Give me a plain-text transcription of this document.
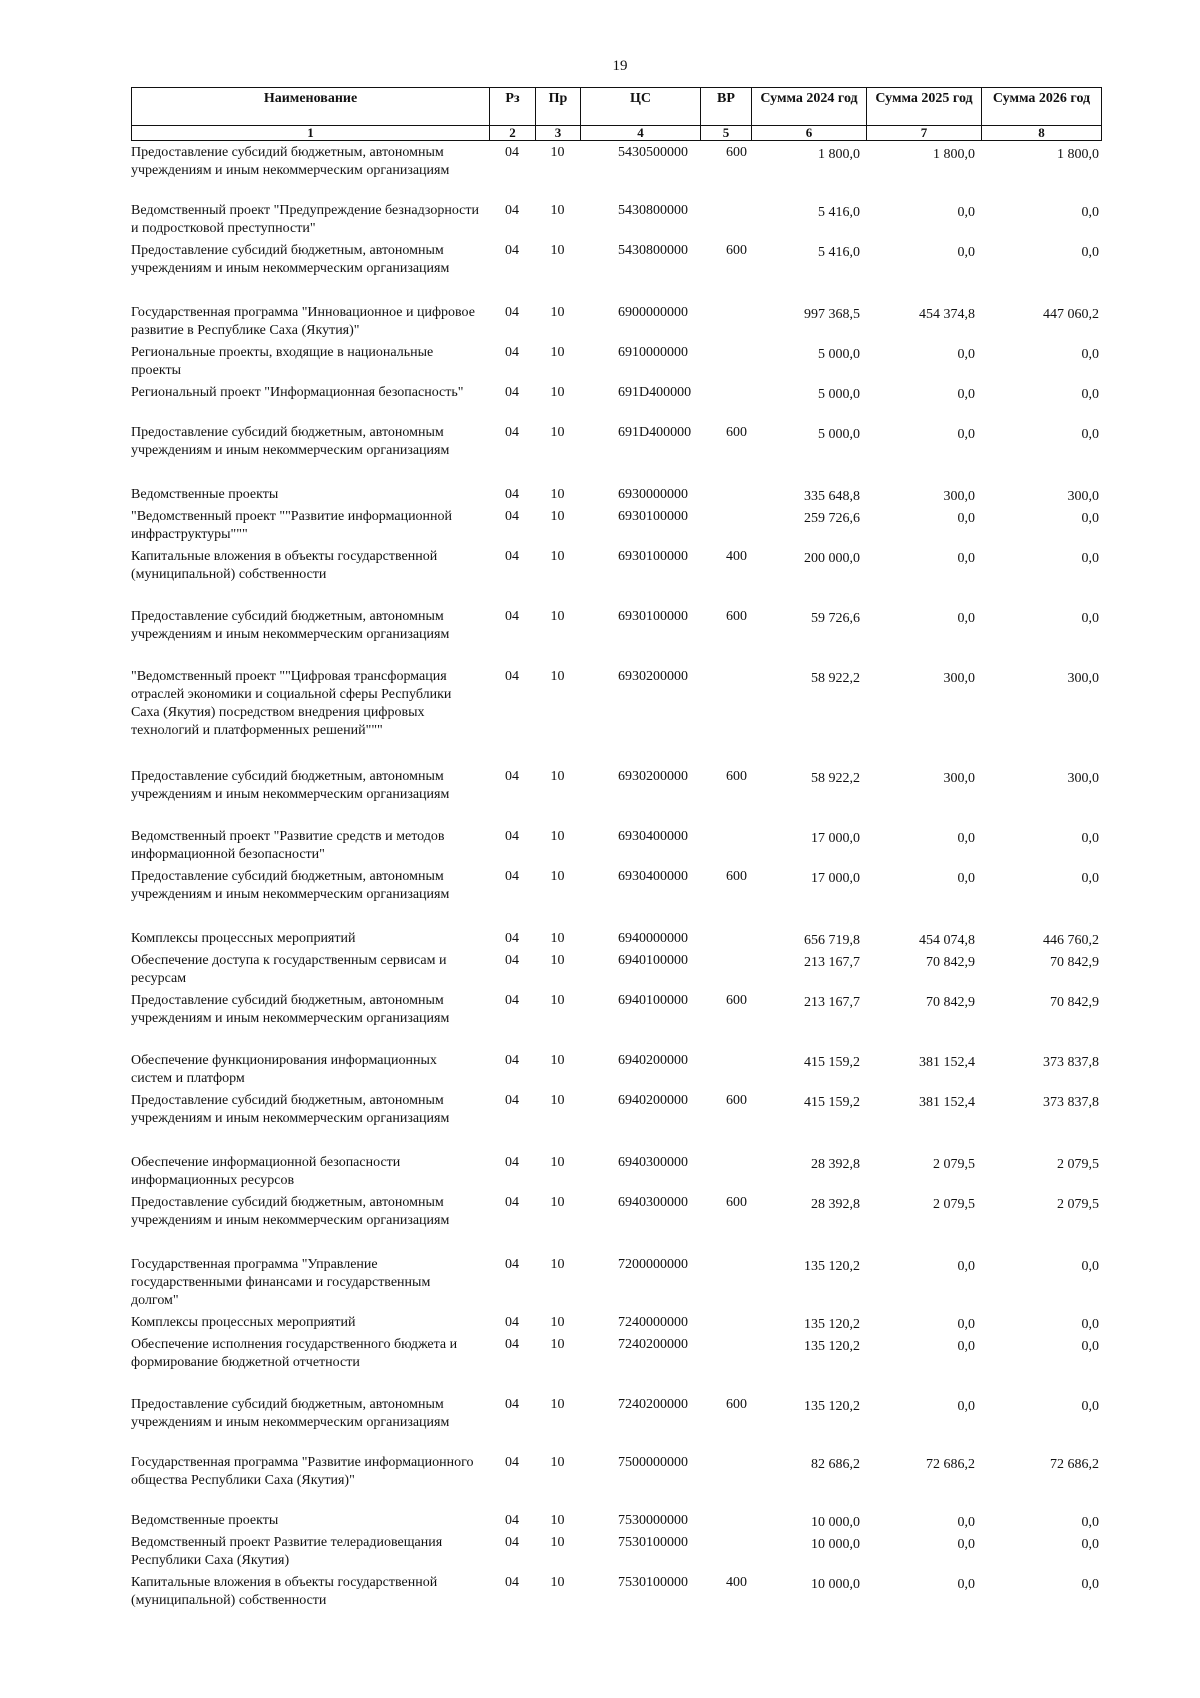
19
Наименование	Рз	Пр	ЦС	ВР	Сумма 2024 год	Сумма 2025 год	Сумма 2026 год
1	2	3	4	5	6	7	8
Предоставление субсидий бюджетным, автономным учреждениям и иным некоммерческим организациям	04	10	5430500000	600	1 800,0	1 800,0	1 800,0
Ведомственный проект "Предупреждение безнадзорности и подростковой преступности"	04	10	5430800000		5 416,0	0,0	0,0
Предоставление субсидий бюджетным, автономным учреждениям и иным некоммерческим организациям	04	10	5430800000	600	5 416,0	0,0	0,0
Государственная программа "Инновационное и цифровое развитие в Республике Саха (Якутия)"	04	10	6900000000		997 368,5	454 374,8	447 060,2
Региональные проекты, входящие в национальные проекты	04	10	6910000000		5 000,0	0,0	0,0
Региональный проект "Информационная безопасность"	04	10	691D400000		5 000,0	0,0	0,0
Предоставление субсидий бюджетным, автономным учреждениям и иным некоммерческим организациям	04	10	691D400000	600	5 000,0	0,0	0,0
Ведомственные проекты	04	10	6930000000		335 648,8	300,0	300,0
"Ведомственный проект ""Развитие информационной инфраструктуры"""	04	10	6930100000		259 726,6	0,0	0,0
Капитальные вложения в объекты государственной (муниципальной) собственности	04	10	6930100000	400	200 000,0	0,0	0,0
Предоставление субсидий бюджетным, автономным учреждениям и иным некоммерческим организациям	04	10	6930100000	600	59 726,6	0,0	0,0
"Ведомственный проект ""Цифровая трансформация отраслей экономики и социальной сферы Республики Саха (Якутия) посредством внедрения цифровых технологий и платформенных решений"""	04	10	6930200000		58 922,2	300,0	300,0
Предоставление субсидий бюджетным, автономным учреждениям и иным некоммерческим организациям	04	10	6930200000	600	58 922,2	300,0	300,0
Ведомственный проект "Развитие средств и методов информационной безопасности"	04	10	6930400000		17 000,0	0,0	0,0
Предоставление субсидий бюджетным, автономным учреждениям и иным некоммерческим организациям	04	10	6930400000	600	17 000,0	0,0	0,0
Комплексы процессных мероприятий	04	10	6940000000		656 719,8	454 074,8	446 760,2
Обеспечение доступа к государственным сервисам и ресурсам	04	10	6940100000		213 167,7	70 842,9	70 842,9
Предоставление субсидий бюджетным, автономным учреждениям и иным некоммерческим организациям	04	10	6940100000	600	213 167,7	70 842,9	70 842,9
Обеспечение функционирования информационных систем и платформ	04	10	6940200000		415 159,2	381 152,4	373 837,8
Предоставление субсидий бюджетным, автономным учреждениям и иным некоммерческим организациям	04	10	6940200000	600	415 159,2	381 152,4	373 837,8
Обеспечение информационной безопасности информационных ресурсов	04	10	6940300000		28 392,8	2 079,5	2 079,5
Предоставление субсидий бюджетным, автономным учреждениям и иным некоммерческим организациям	04	10	6940300000	600	28 392,8	2 079,5	2 079,5
Государственная программа "Управление государственными финансами и государственным долгом"	04	10	7200000000		135 120,2	0,0	0,0
Комплексы процессных мероприятий	04	10	7240000000		135 120,2	0,0	0,0
Обеспечение исполнения государственного бюджета и формирование бюджетной отчетности	04	10	7240200000		135 120,2	0,0	0,0
Предоставление субсидий бюджетным, автономным учреждениям и иным некоммерческим организациям	04	10	7240200000	600	135 120,2	0,0	0,0
Государственная программа "Развитие информационного общества Республики Саха (Якутия)"	04	10	7500000000		82 686,2	72 686,2	72 686,2
Ведомственные проекты	04	10	7530000000		10 000,0	0,0	0,0
Ведомственный проект Развитие телерадиовещания Республики Саха (Якутия)	04	10	7530100000		10 000,0	0,0	0,0
Капитальные вложения в объекты государственной (муниципальной) собственности	04	10	7530100000	400	10 000,0	0,0	0,0
